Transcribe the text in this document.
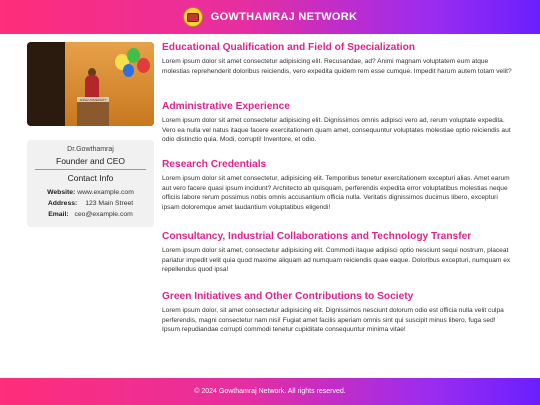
GOWTHAMRAJ NETWORK
ANNA UNIVERSITY
Dr.Gowthamraj
Founder and CEO
Contact Info
Website: www.example.com
Address: 123 Main Street
Email: ceo@example.com
Educational Qualification and Field of Specialization
Lorem ipsum dolor sit amet consectetur adipisicing elit. Recusandae, ad? Animi magnam voluptatem eum atque molestias reprehenderit doloribus reiciendis, vero expedita quidem rem esse cumque. Impedit harum autem totam velit?
Administrative Experience
Lorem ipsum dolor sit amet consectetur adipisicing elit. Dignissimos omnis adipisci vero ad, rerum voluptate expedita. Vero ea nulla vel natus itaque facere exercitationem quam amet, consequuntur voluptates molestiae optio reiciendis aut odio distinctio quia. Modi, corrupti! Inventore, et odio.
Research Credentials
Lorem ipsum dolor sit amet consectetur, adipisicing elit. Temporibus tenetur exercitationem excepturi alias. Amet earum aut vero facere quasi ipsum incidunt? Architecto ab quisquam, perferendis expedita error voluptatibus molestias neque officiis labore rerum possimus nobis omnis accusantium officia nulla. Veritatis dignissimos ducimus libero, excepturi ipsam doloremque amet laudantium voluptatibus eligendi!
Consultancy, Industrial Collaborations and Technology Transfer
Lorem ipsum dolor sit amet, consectetur adipisicing elit. Commodi itaque adipisci optio nesciunt sequi nostrum, placeat pariatur impedit velit quia quod maxime aliquam ad numquam reiciendis quae eaque. Doloribus excepturi, numquam ex repellendus quod ipsa!
Green Initiatives and Other Contributions to Society
Lorem ipsum dolor, sit amet consectetur adipisicing elit. Dignissimos nesciunt dolorum odio est officia nulla velit culpa perferendis, magni consectetur nam nisi! Fugiat amet facilis aperiam omnis sint qui suscipit minus libero, fuga sed! Ipsum repudiandae corrupti commodi tenetur cupiditate consequuntur minima vitae!
© 2024 Gowthamraj Network. All rights reserved.
